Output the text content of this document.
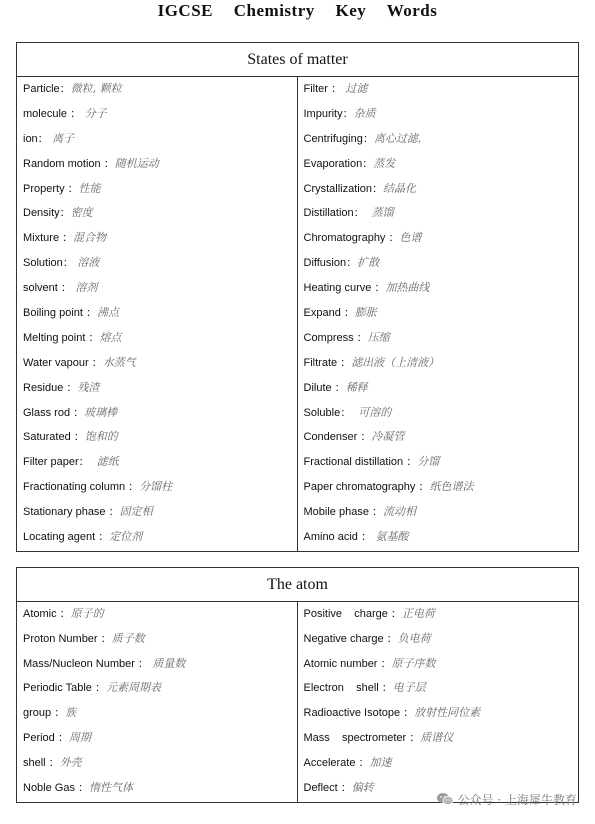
IGCSE Chemistry Key Words
States of matter
Particle：微粒, 颗粒
molecule ： 分子
ion： 离子
Random motion ：随机运动
Property ：性能
Density：密度
Mixture ：混合物
Solution： 溶液
solvent ： 溶剂
Boiling point ：沸点
Melting point ：熔点
Water vapour ：水蒸气
Residue ：残渣
Glass rod ：玻璃棒
Saturated ：饱和的
Filter paper：  滤纸
Fractionating column ：分馏柱
Stationary phase ：固定相
Locating agent ：定位剂
Filter ： 过滤
Impurity：杂质
Centrifuging：离心过滤,
Evaporation：蒸发
Crystallization：结晶化
Distillation：  蒸馏
Chromatography ：色谱
Diffusion：扩散
Heating curve ：加热曲线
Expand ：膨胀
Compress ：压缩
Filtrate ：滤出液（上清液）
Dilute ：稀释
Soluble：  可溶的
Condenser ：冷凝管
Fractional distillation ：分馏
Paper chromatography ：纸色谱法
Mobile phase ：流动相
Amino acid ： 氨基酸
The atom
Atomic ：原子的
Proton Number ：质子数
Mass/Nucleon Number ： 质量数
Periodic Table ：元素周期表
group ：族
Period ：周期
shell ：外壳
Noble Gas ：惰性气体
Positive    charge ：正电荷
Negative charge ：负电荷
Atomic number ：原子序数
Electron    shell ：电子层
Radioactive Isotope ：放射性同位素
Mass    spectrometer ：质谱仪
Accelerate ：加速
Deflect ：偏转
公众号 · 上海犀牛教育
